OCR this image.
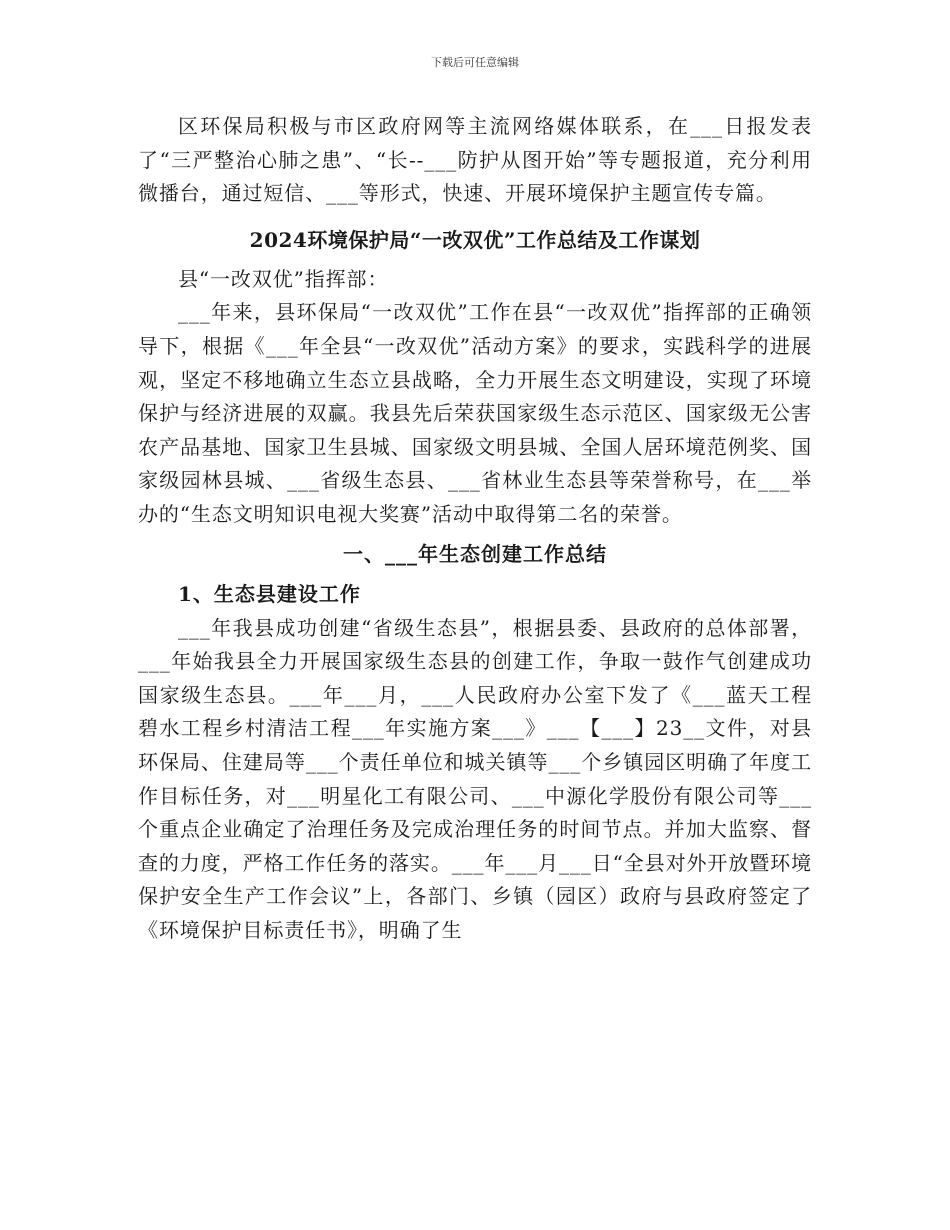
下载后可任意编辑

区环保局积极与市区政府网等主流网络媒体联系，在___日报发表了“三严整治心肺之患”、“长--___防护从图开始”等专题报道，充分利用微播台，通过短信、___等形式，快速、开展环境保护主题宣传专篇。

2024环境保护局“一改双优”工作总结及工作谋划

县“一改双优”指挥部：

___年来，县环保局“一改双优”工作在县“一改双优”指挥部的正确领导下，根据《___年全县“一改双优”活动方案》的要求，实践科学的进展观，坚定不移地确立生态立县战略，全力开展生态文明建设，实现了环境保护与经济进展的双赢。我县先后荣获国家级生态示范区、国家级无公害农产品基地、国家卫生县城、国家级文明县城、全国人居环境范例奖、国家级园林县城、___省级生态县、___省林业生态县等荣誉称号，在___举办的“生态文明知识电视大奖赛”活动中取得第二名的荣誉。

一、___年生态创建工作总结
1、生态县建设工作

___年我县成功创建“省级生态县”，根据县委、县政府的总体部署，___年始我县全力开展国家级生态县的创建工作，争取一鼓作气创建成功国家级生态县。___年___月，___人民政府办公室下发了《___蓝天工程碧水工程乡村清洁工程___年实施方案___》___【___】23__文件，对县环保局、住建局等___个责任单位和城关镇等___个乡镇园区明确了年度工作目标任务，对___明星化工有限公司、___中源化学股份有限公司等___个重点企业确定了治理任务及完成治理任务的时间节点。并加大监察、督查的力度，严格工作任务的落实。___年___月___日“全县对外开放暨环境保护安全生产工作会议”上，各部门、乡镇（园区）政府与县政府签定了《环境保护目标责任书》，明确了生
